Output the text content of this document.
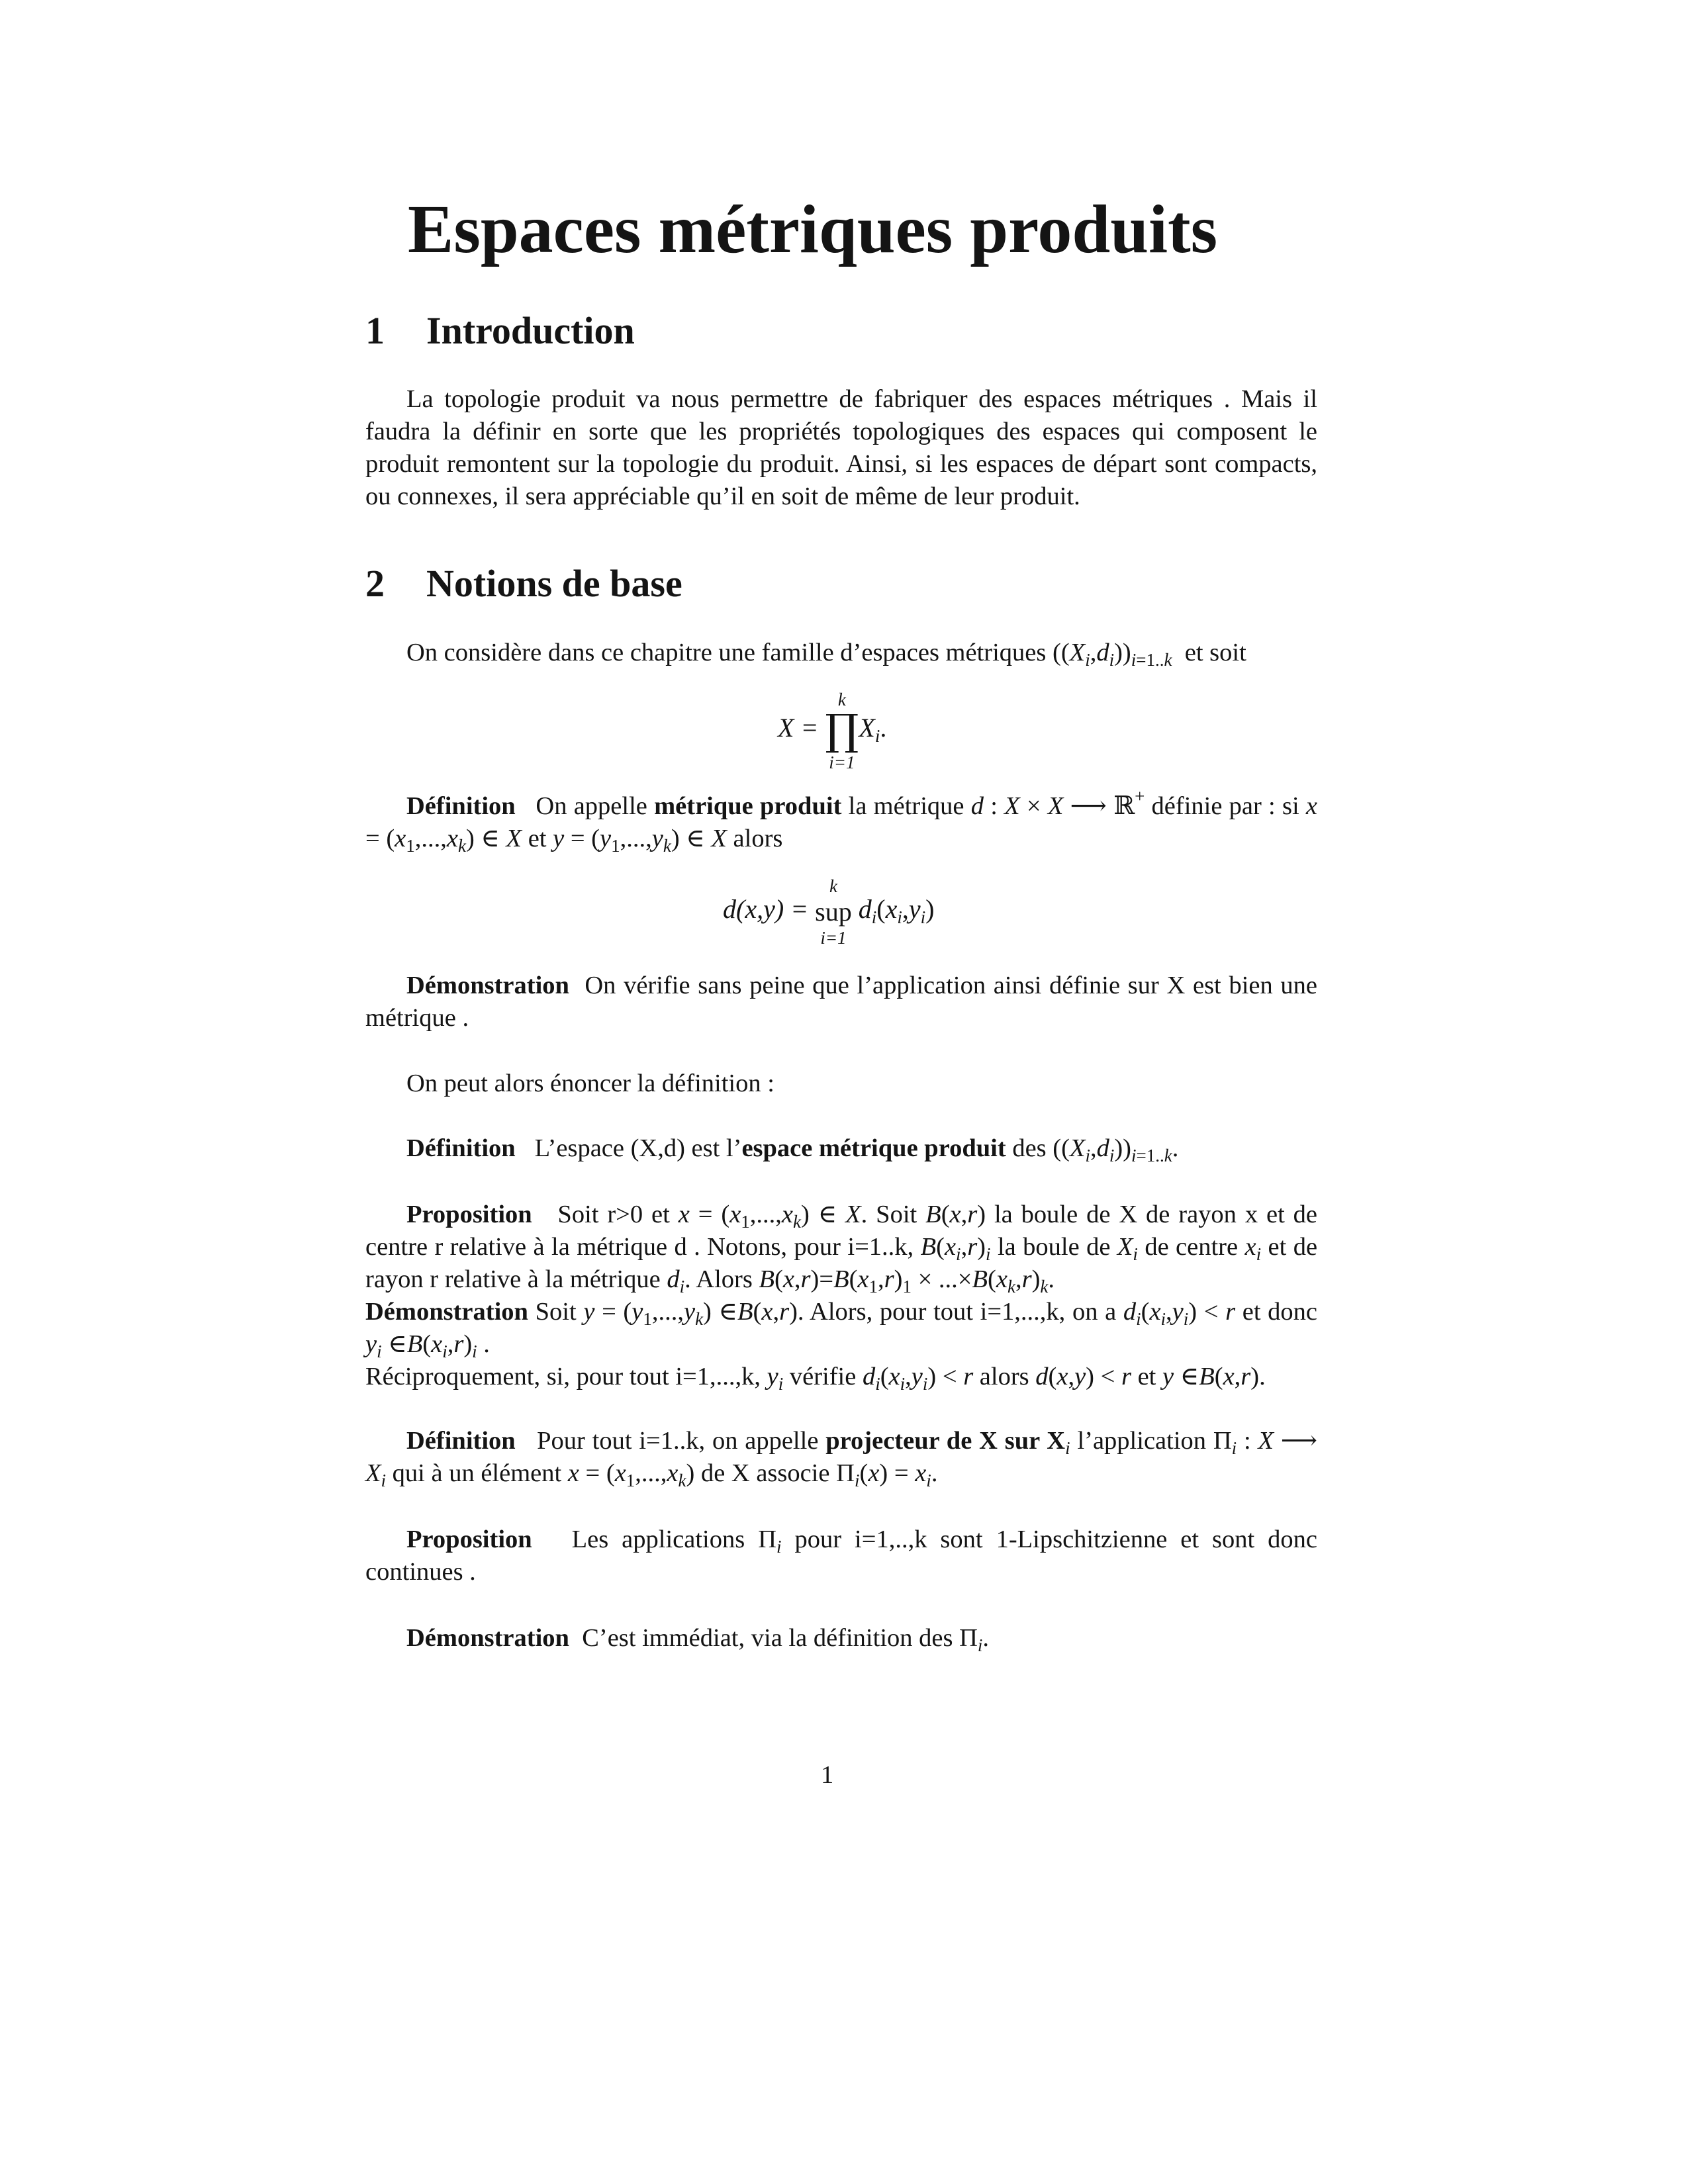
Espaces métriques produits
1 Introduction

La topologie produit va nous permettre de fabriquer des espaces métriques . Mais il faudra la définir en sorte que les propriétés topologiques des espaces qui composent le produit remontent sur la topologie du produit. Ainsi, si les espaces de départ sont compacts, ou connexes, il sera appréciable qu’il en soit de même de leur produit.

2 Notions de base

On considère dans ce chapitre une famille d’espaces métriques $((X_i,d_i))_{i=1..k}$ et soit

X =
k
∏
i=1
$X_i$.

Définition On appelle métrique produit la métrique d : X × X ⟶ ℝ+ définie par : si $x = (x_1,...,x_k)$ ∈ X et $y = (y_1,...,y_k)$ ∈ X alors

d(x,y) =
k
sup
i=1
$d_i(x_i,y_i)$

Démonstration On vérifie sans peine que l’application ainsi définie sur X est bien une métrique .

On peut alors énoncer la définition :

Définition L’espace (X,d) est l’espace métrique produit des $((X_i,d_i))_{i=1..k}$.

Proposition Soit r>0 et $x = (x_1,...,x_k)$ ∈ X. Soit B(x,r) la boule de X de rayon x et de centre r relative à la métrique d . Notons, pour i=1..k, $B(x_i,r)_i$ la boule de $X_i$ de centre $x_i$ et de rayon r relative à la métrique $d_i$. Alors $B(x,r)=B(x_1,r)_1 \times ...\times B(x_k,r)_k$.

Démonstration Soit $y = (y_1,...,y_k)$ ∈B(x,r). Alors, pour tout i=1,...,k, on a $d_i(x_i,y_i) < r$ et donc $y_i$ $\in B(x_i,r)_i$ .
Réciproquement, si, pour tout i=1,...,k, $y_i$ vérifie $d_i(x_i,y_i) < r$ alors d(x,y) < r et y ∈B(x,r).

Définition Pour tout i=1..k, on appelle projecteur de X sur $X_i$ l’application $\Pi_i$ : X ⟶ $X_i$ qui à un élément $x = (x_1,...,x_k)$ de X associe $\Pi_i(x) = x_i$.

Proposition Les applications $\Pi_i$ pour i=1,..,k sont 1-Lipschitzienne et sont donc continues .

Démonstration C’est immédiat, via la définition des $\Pi_i$.

1
